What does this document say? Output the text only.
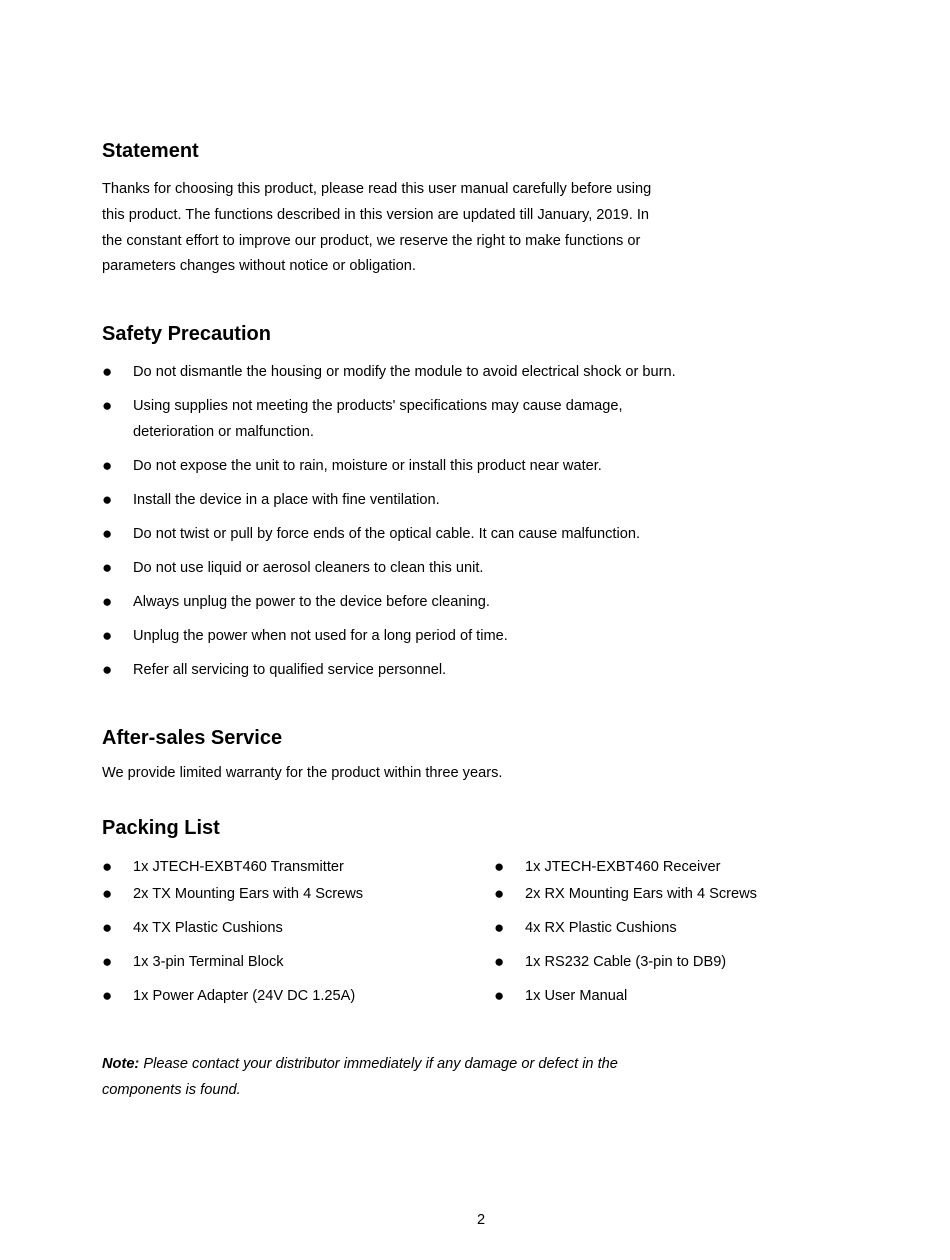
Statement

Thanks for choosing this product, please read this user manual carefully before using

this product. The functions described in this version are updated till January, 2019. In

the constant effort to improve our product, we reserve the right to make functions or

parameters changes without notice or obligation.

Safety Precaution
● Do not dismantle the housing or modify the module to avoid electrical shock or burn.
● Using supplies not meeting the products' specifications may cause damage,
deterioration or malfunction.
● Do not expose the unit to rain, moisture or install this product near water.
● Install the device in a place with fine ventilation.
● Do not twist or pull by force ends of the optical cable. It can cause malfunction.
● Do not use liquid or aerosol cleaners to clean this unit.
● Always unplug the power to the device before cleaning.
● Unplug the power when not used for a long period of time.
● Refer all servicing to qualified service personnel.
After-sales Service

We provide limited warranty for the product within three years.

Packing List
● 1x JTECH-EXBT460 Transmitter
● 2x TX Mounting Ears with 4 Screws
● 4x TX Plastic Cushions
● 1x 3-pin Terminal Block
● 1x Power Adapter (24V DC 1.25A)
● 1x JTECH-EXBT460 Receiver
● 2x RX Mounting Ears with 4 Screws
● 4x RX Plastic Cushions
● 1x RS232 Cable (3-pin to DB9)
● 1x User Manual

Note: Please contact your distributor immediately if any damage or defect in the
components is found.

2
